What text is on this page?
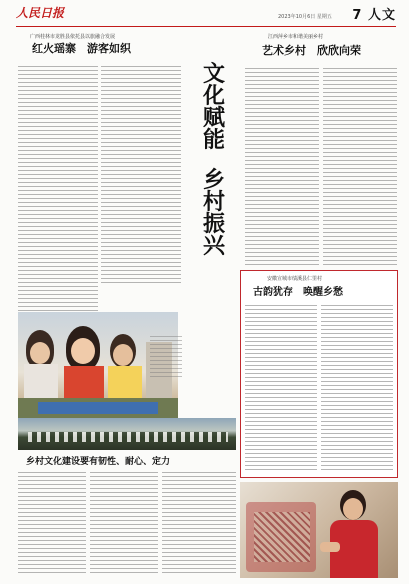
人民日报	2023年10月6日 星期五 7 人文
广西桂林市龙胜县依托县以旅融合发展
红火瑶寨　游客如织
文
化
赋
能
乡
村
振
兴
江西萍乡市和谐美丽乡村
艺术乡村　欣欣向荣
乡村文化建设要有韧性、耐心、定力
安徽宣城市绩溪县仁里村
古韵犹存　唤醒乡愁
